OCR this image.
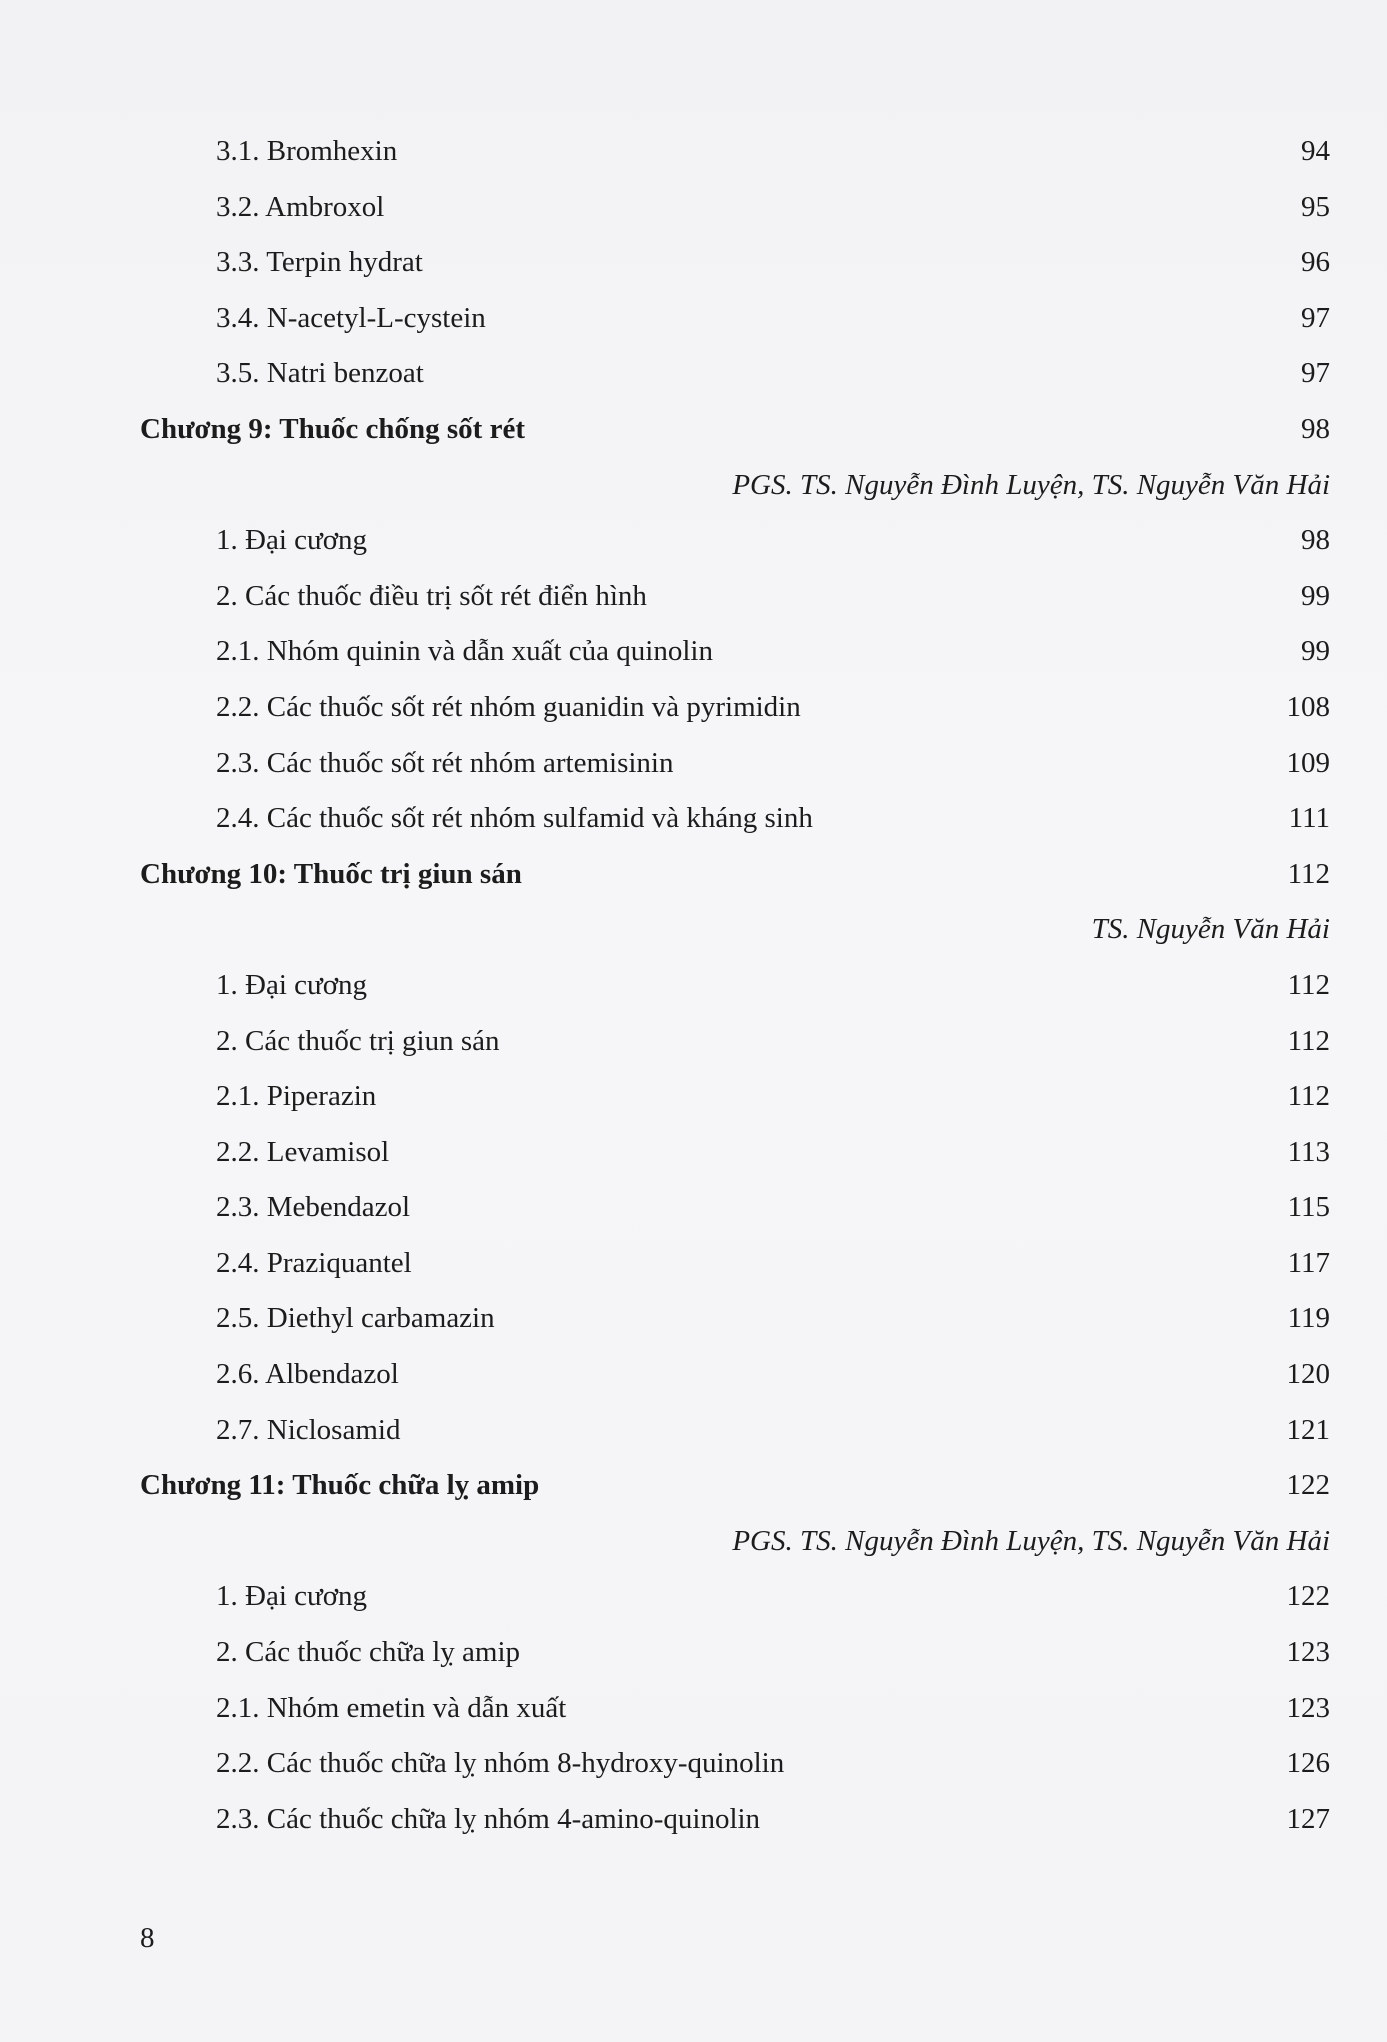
3.1. Bromhexin	94
3.2. Ambroxol	95
3.3. Terpin hydrat	96
3.4. N-acetyl-L-cystein	97
3.5. Natri benzoat	97
Chương 9: Thuốc chống sốt rét	98
PGS. TS. Nguyễn Đình Luyện, TS. Nguyễn Văn Hải
1. Đại cương	98
2. Các thuốc điều trị sốt rét điển hình	99
2.1. Nhóm quinin và dẫn xuất của quinolin	99
2.2. Các thuốc sốt rét nhóm guanidin và pyrimidin	108
2.3. Các thuốc sốt rét nhóm artemisinin	109
2.4. Các thuốc sốt rét nhóm sulfamid và kháng sinh	111
Chương 10: Thuốc trị giun sán	112
TS. Nguyễn Văn Hải
1. Đại cương	112
2. Các thuốc trị giun sán	112
2.1. Piperazin	112
2.2. Levamisol	113
2.3. Mebendazol	115
2.4. Praziquantel	117
2.5. Diethyl carbamazin	119
2.6. Albendazol	120
2.7. Niclosamid	121
Chương 11: Thuốc chữa lỵ amip	122
PGS. TS. Nguyễn Đình Luyện, TS. Nguyễn Văn Hải
1. Đại cương	122
2. Các thuốc chữa lỵ amip	123
2.1. Nhóm emetin và dẫn xuất	123
2.2. Các thuốc chữa lỵ nhóm 8-hydroxy-quinolin	126
2.3. Các thuốc chữa lỵ nhóm 4-amino-quinolin	127
8
